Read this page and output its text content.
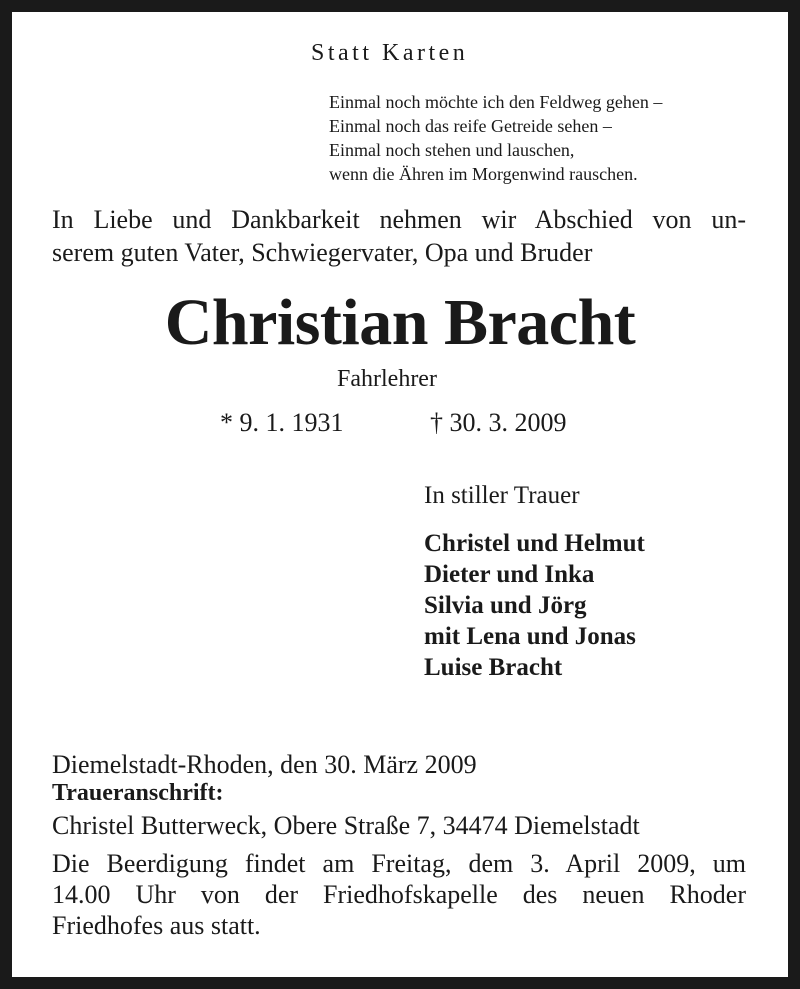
Statt Karten
Einmal noch möchte ich den Feldweg gehen –
Einmal noch das reife Getreide sehen –
Einmal noch stehen und lauschen,
wenn die Ähren im Morgenwind rauschen.
In Liebe und Dankbarkeit nehmen wir Abschied von un-
serem guten Vater, Schwiegervater, Opa und Bruder
Christian Bracht
Fahrlehrer
* 9. 1. 1931	† 30. 3. 2009
In stiller Trauer
Christel und Helmut
Dieter und Inka
Silvia und Jörg
mit Lena und Jonas
Luise Bracht
Diemelstadt-Rhoden, den 30. März 2009
Traueranschrift:
Christel Butterweck, Obere Straße 7, 34474 Diemelstadt
Die Beerdigung findet am Freitag, dem 3. April 2009, um
14.00 Uhr von der Friedhofskapelle des neuen Rhoder
Friedhofes aus statt.
